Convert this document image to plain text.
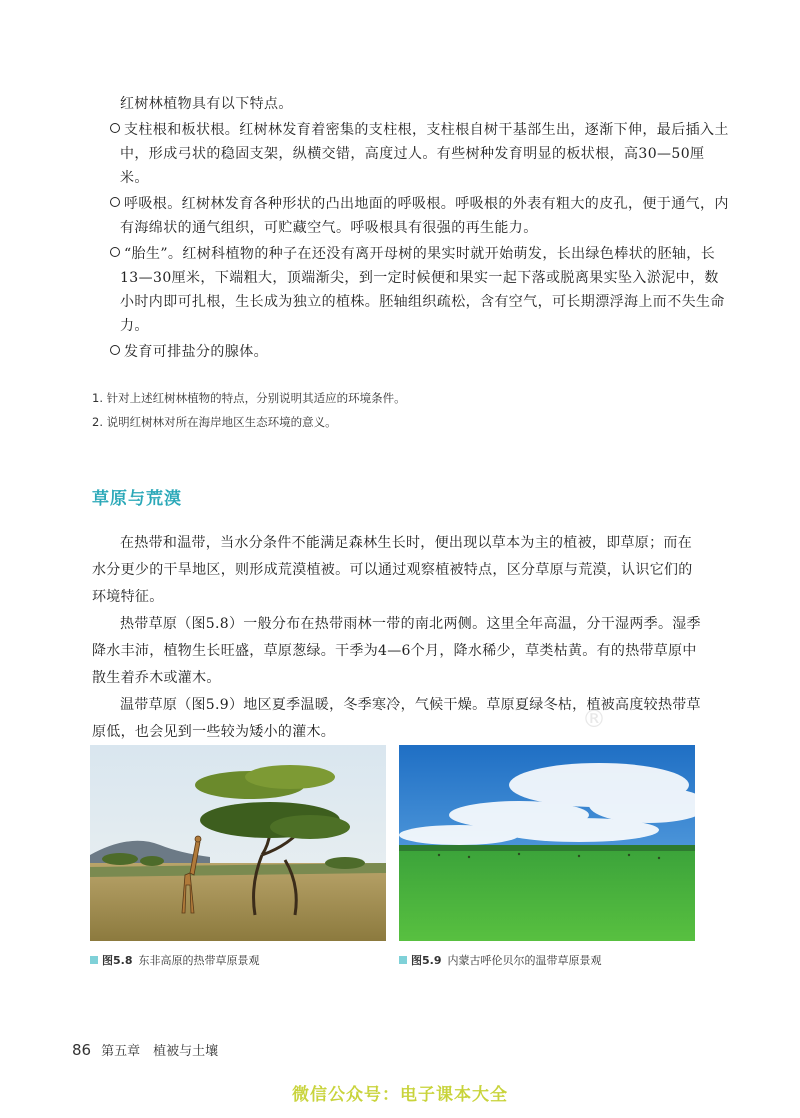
红树林植物具有以下特点。
支柱根和板状根。红树林发育着密集的支柱根，支柱根自树干基部生出，逐渐下伸，最后插入土中，形成弓状的稳固支架，纵横交错，高度过人。有些树种发育明显的板状根，高30—50厘米。
呼吸根。红树林发育各种形状的凸出地面的呼吸根。呼吸根的外表有粗大的皮孔，便于通气，内有海绵状的通气组织，可贮藏空气。呼吸根具有很强的再生能力。
“胎生”。红树科植物的种子在还没有离开母树的果实时就开始萌发，长出绿色棒状的胚轴，长13—30厘米，下端粗大，顶端渐尖，到一定时候便和果实一起下落或脱离果实坠入淤泥中，数小时内即可扎根，生长成为独立的植株。胚轴组织疏松，含有空气，可长期漂浮海上而不失生命力。
发育可排盐分的腺体。
1. 针对上述红树林植物的特点，分别说明其适应的环境条件。
2. 说明红树林对所在海岸地区生态环境的意义。
草原与荒漠
在热带和温带，当水分条件不能满足森林生长时，便出现以草本为主的植被，即草原；而在水分更少的干旱地区，则形成荒漠植被。可以通过观察植被特点，区分草原与荒漠，认识它们的环境特征。
热带草原（图5.8）一般分布在热带雨林一带的南北两侧。这里全年高温，分干湿两季。湿季降水丰沛，植物生长旺盛，草原葱绿。干季为4—6个月，降水稀少，草类枯黄。有的热带草原中散生着乔木或灌木。
温带草原（图5.9）地区夏季温暖，冬季寒冷，气候干燥。草原夏绿冬枯，植被高度较热带草原低，也会见到一些较为矮小的灌木。	®
图5.8 东非高原的热带草原景观	图5.9 内蒙古呼伦贝尔的温带草原景观
86 第五章　植被与土壤
微信公众号：电子课本大全
